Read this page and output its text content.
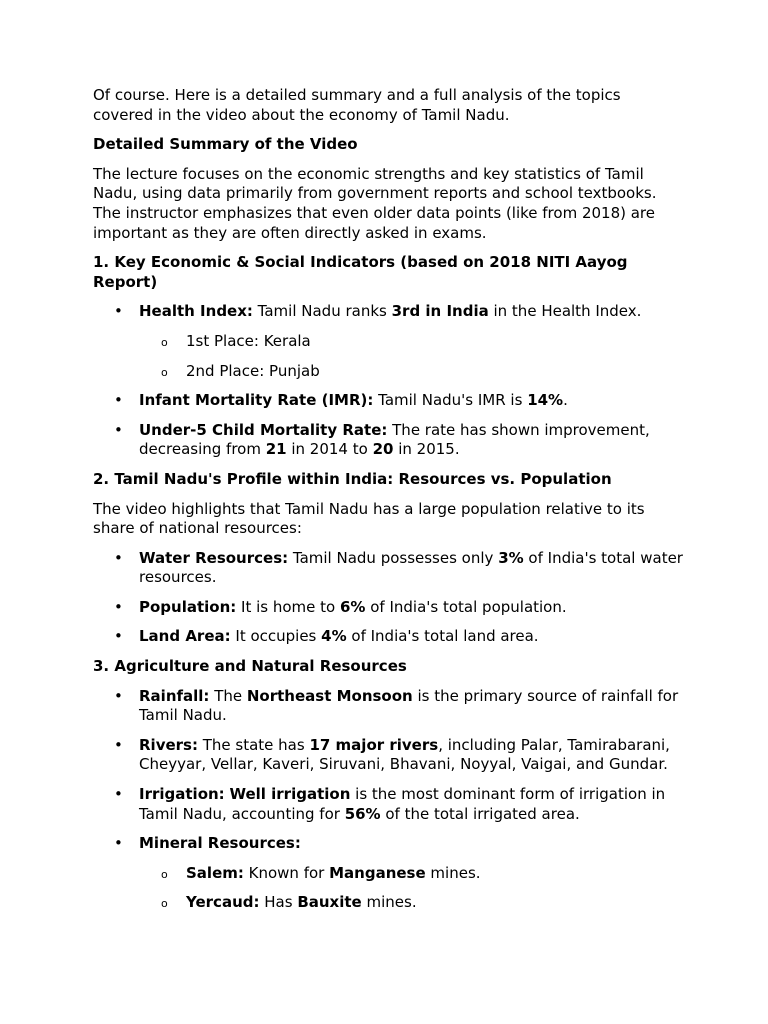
Of course. Here is a detailed summary and a full analysis of the topics covered in the video about the economy of Tamil Nadu.

Detailed Summary of the Video

The lecture focuses on the economic strengths and key statistics of Tamil Nadu, using data primarily from government reports and school textbooks. The instructor emphasizes that even older data points (like from 2018) are important as they are often directly asked in exams.

1. Key Economic & Social Indicators (based on 2018 NITI Aayog Report)

• Health Index: Tamil Nadu ranks 3rd in India in the Health Index.
o 1st Place: Kerala
o 2nd Place: Punjab
• Infant Mortality Rate (IMR): Tamil Nadu's IMR is 14%.
• Under-5 Child Mortality Rate: The rate has shown improvement, decreasing from 21 in 2014 to 20 in 2015.

2. Tamil Nadu's Profile within India: Resources vs. Population

The video highlights that Tamil Nadu has a large population relative to its share of national resources:

• Water Resources: Tamil Nadu possesses only 3% of India's total water resources.
• Population: It is home to 6% of India's total population.
• Land Area: It occupies 4% of India's total land area.

3. Agriculture and Natural Resources

• Rainfall: The Northeast Monsoon is the primary source of rainfall for Tamil Nadu.
• Rivers: The state has 17 major rivers, including Palar, Tamirabarani, Cheyyar, Vellar, Kaveri, Siruvani, Bhavani, Noyyal, Vaigai, and Gundar.
• Irrigation: Well irrigation is the most dominant form of irrigation in Tamil Nadu, accounting for 56% of the total irrigated area.
• Mineral Resources:
o Salem: Known for Manganese mines.
o Yercaud: Has Bauxite mines.
